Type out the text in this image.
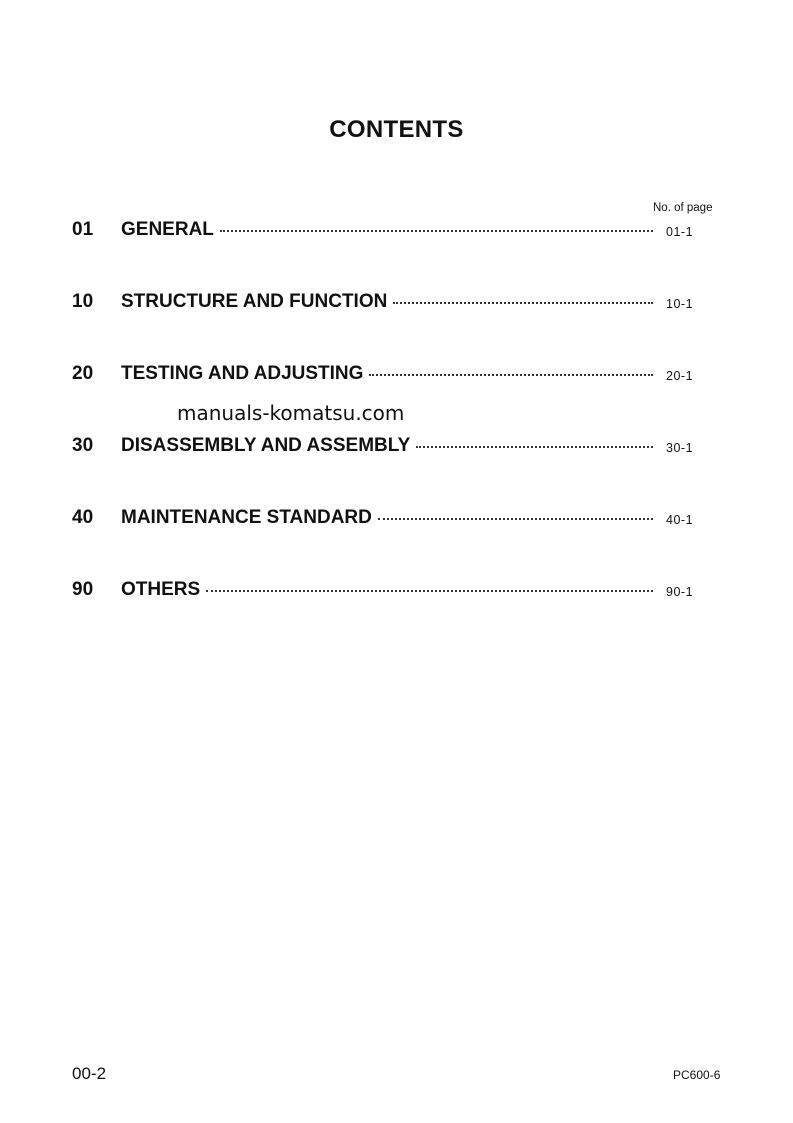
CONTENTS
No. of page
01 GENERAL	01-1
10 STRUCTURE AND FUNCTION	10-1
20 TESTING AND ADJUSTING	20-1
manuals-komatsu.com
30 DISASSEMBLY AND ASSEMBLY	30-1
40 MAINTENANCE STANDARD	40-1
90 OTHERS	90-1
00-2	PC600-6
